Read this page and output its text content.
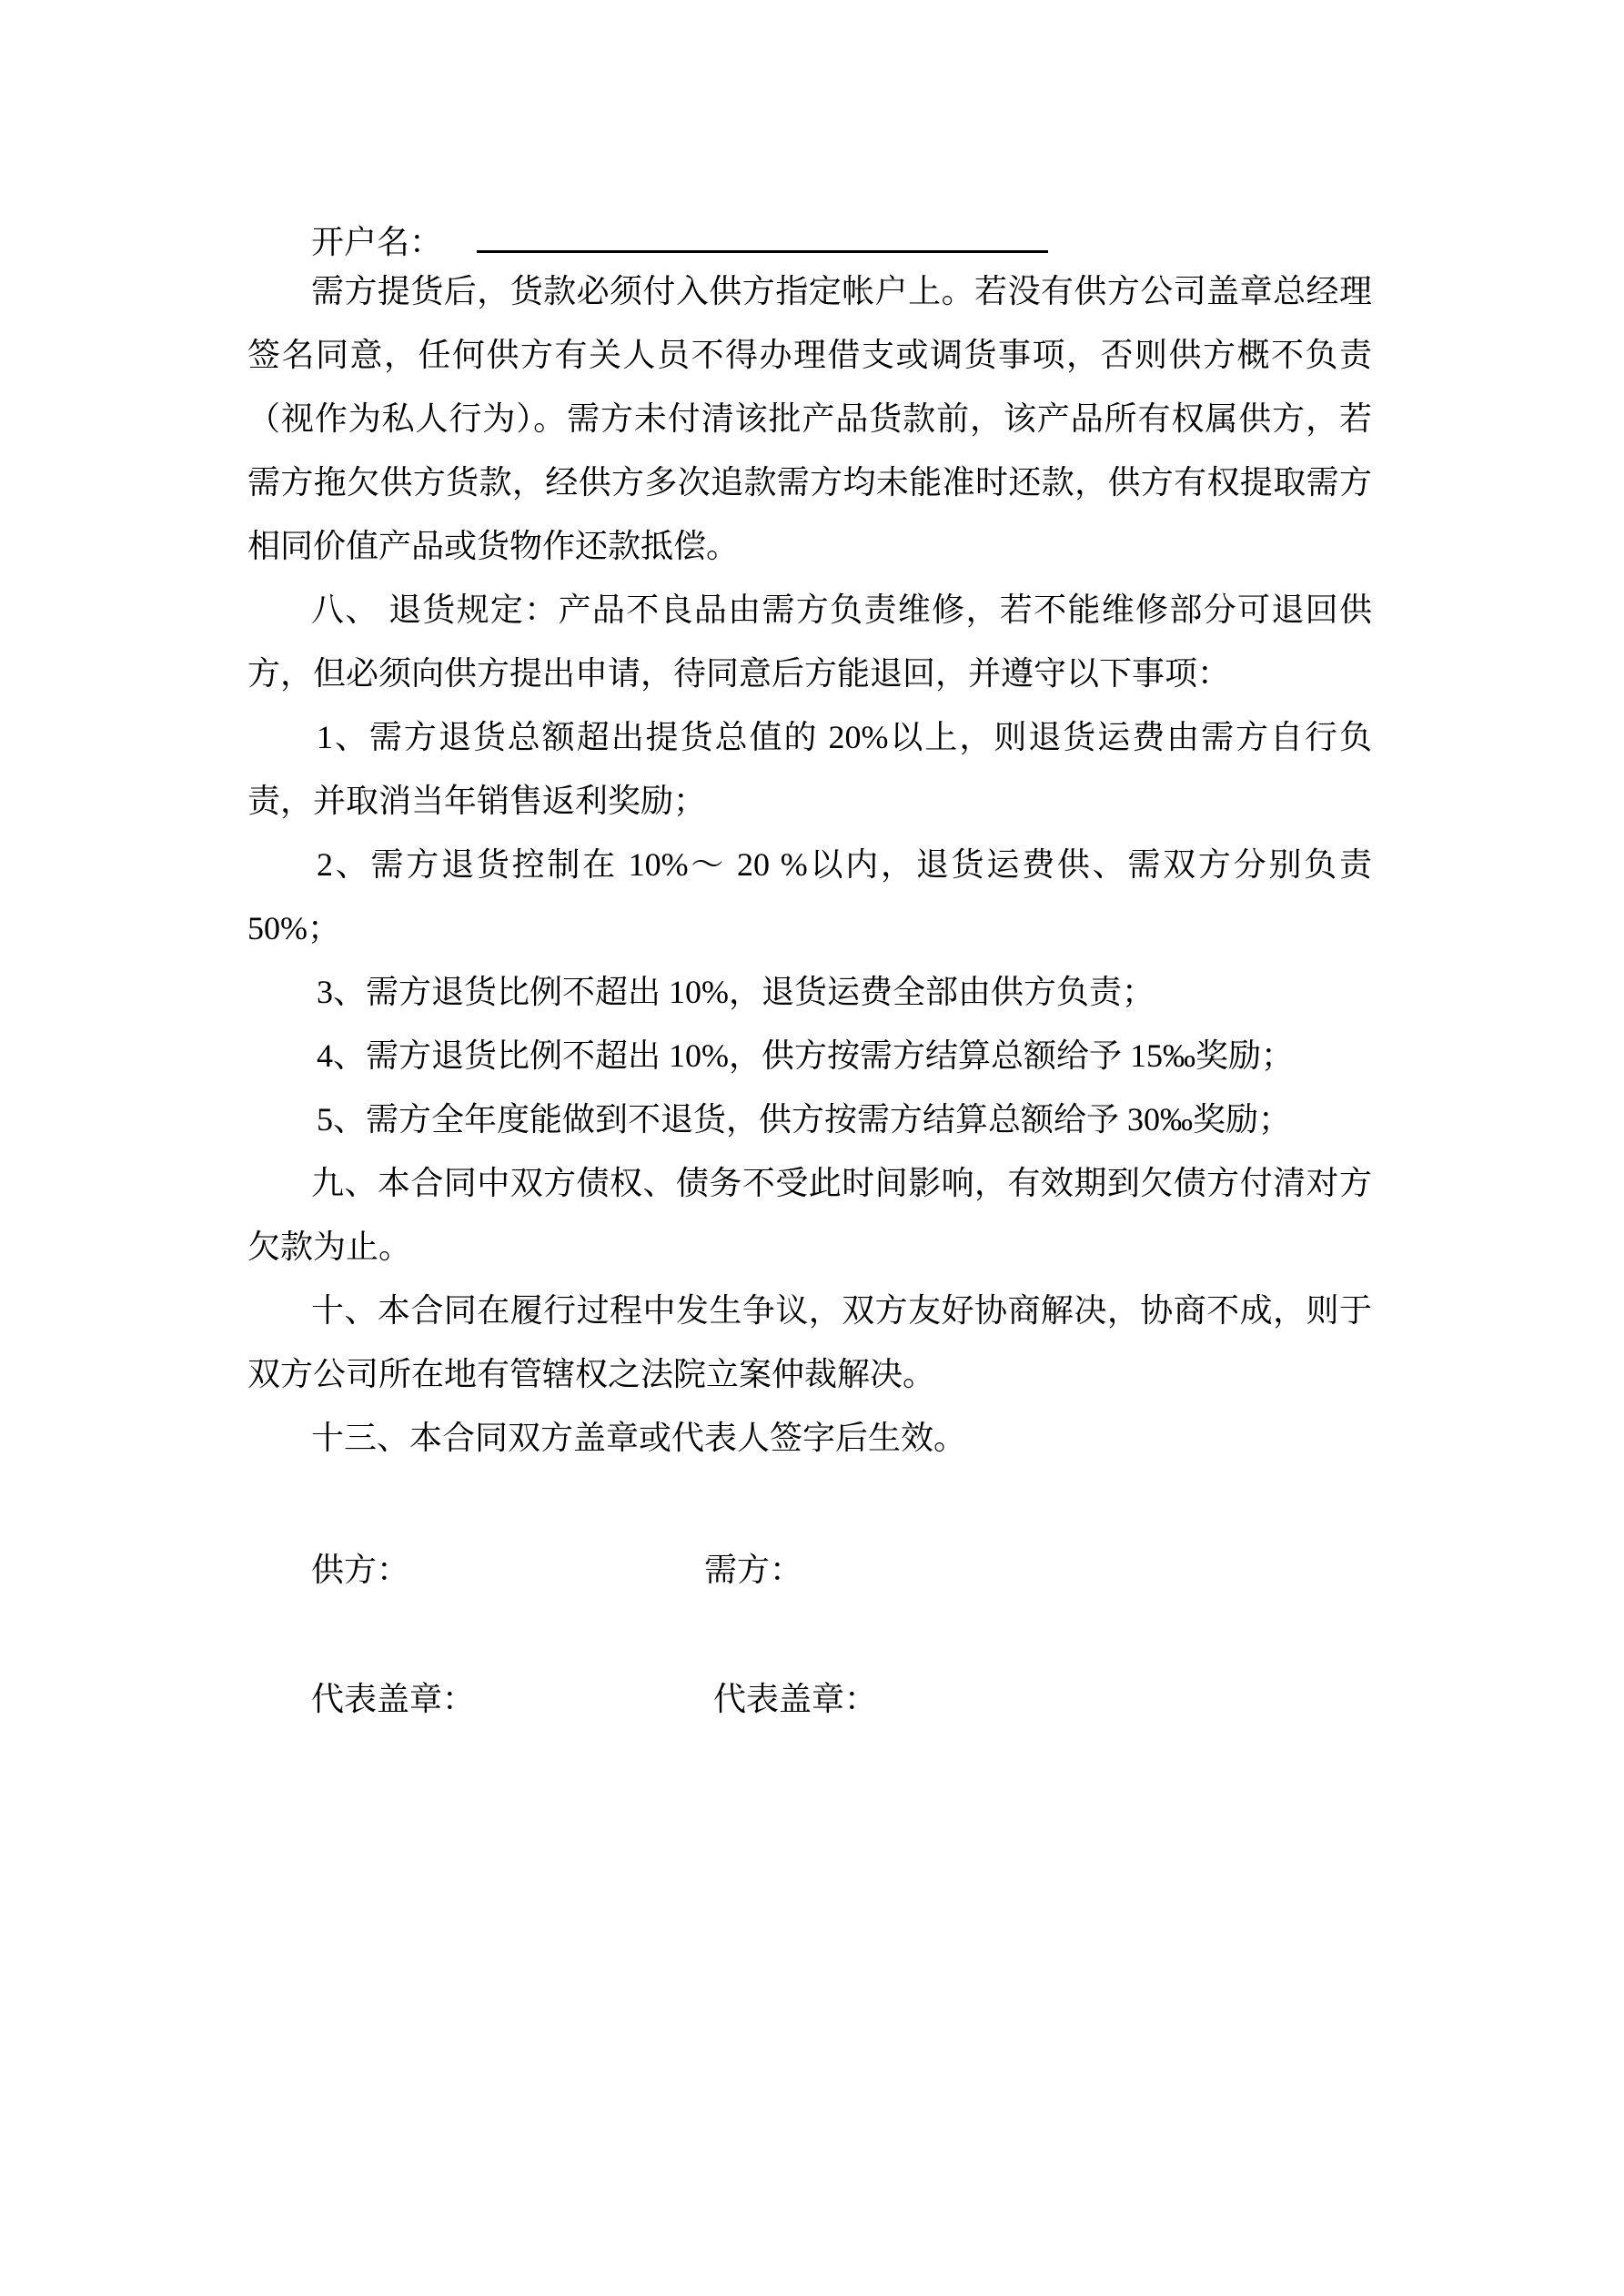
开户名：
需方提货后，货款必须付入供方指定帐户上。若没有供方公司盖章总经理签名同意，任何供方有关人员不得办理借支或调货事项，否则供方概不负责（视作为私人行为）。需方未付清该批产品货款前，该产品所有权属供方，若需方拖欠供方货款，经供方多次追款需方均未能准时还款，供方有权提取需方相同价值产品或货物作还款抵偿。
八、 退货规定：产品不良品由需方负责维修，若不能维修部分可退回供方，但必须向供方提出申请，待同意后方能退回，并遵守以下事项：
1、需方退货总额超出提货总值的 20%以上，则退货运费由需方自行负责，并取消当年销售返利奖励；
2、需方退货控制在 10%～ 20 %以内，退货运费供、需双方分别负责 50%；
3、需方退货比例不超出 10%，退货运费全部由供方负责；
4、需方退货比例不超出 10%，供方按需方结算总额给予 15‰奖励；
5、需方全年度能做到不退货，供方按需方结算总额给予 30‰奖励；
九、本合同中双方债权、债务不受此时间影响，有效期到欠债方付清对方欠款为止。
十、本合同在履行过程中发生争议，双方友好协商解决，协商不成，则于双方公司所在地有管辖权之法院立案仲裁解决。
十三、本合同双方盖章或代表人签字后生效。
供方：	需方：
代表盖章：	代表盖章：
